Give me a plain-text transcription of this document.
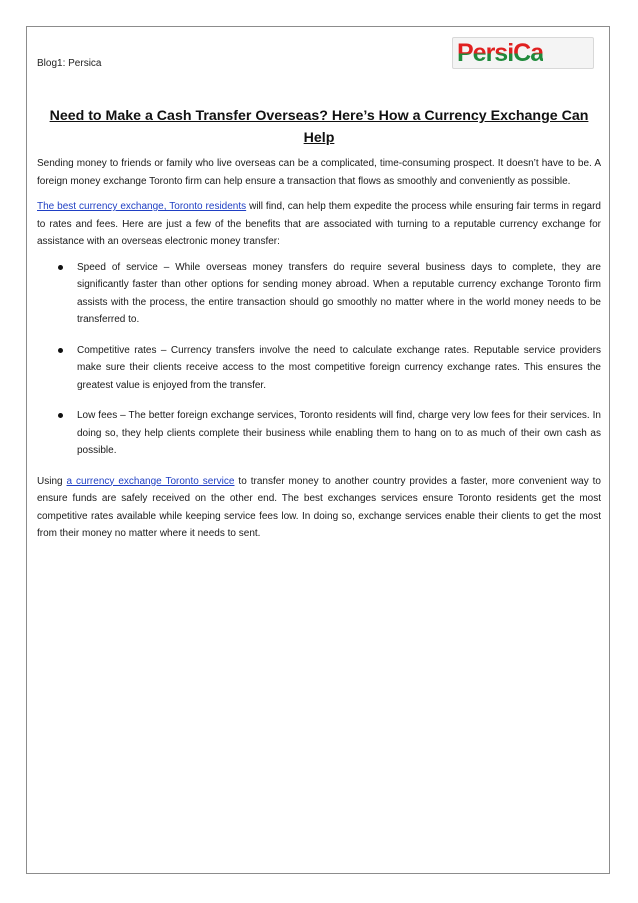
Blog1: Persica	PersiCa
Need to Make a Cash Transfer Overseas? Here’s How a Currency Exchange Can Help

Sending money to friends or family who live overseas can be a complicated, time-consuming prospect. It doesn’t have to be. A foreign money exchange Toronto firm can help ensure a transaction that flows as smoothly and conveniently as possible.

The best currency exchange, Toronto residents will find, can help them expedite the process while ensuring fair terms in regard to rates and fees. Here are just a few of the benefits that are associated with turning to a reputable currency exchange for assistance with an overseas electronic money transfer:

Speed of service – While overseas money transfers do require several business days to complete, they are significantly faster than other options for sending money abroad. When a reputable currency exchange Toronto firm assists with the process, the entire transaction should go smoothly no matter where in the world money needs to be transferred to.
Competitive rates – Currency transfers involve the need to calculate exchange rates. Reputable service providers make sure their clients receive access to the most competitive foreign currency exchange rates. This ensures the greatest value is enjoyed from the transfer.
Low fees – The better foreign exchange services, Toronto residents will find, charge very low fees for their services. In doing so, they help clients complete their business while enabling them to hang on to as much of their own cash as possible.

Using a currency exchange Toronto service to transfer money to another country provides a faster, more convenient way to ensure funds are safely received on the other end. The best exchanges services ensure Toronto residents get the most competitive rates available while keeping service fees low. In doing so, exchange services enable their clients to get the most from their money no matter where it needs to sent.
